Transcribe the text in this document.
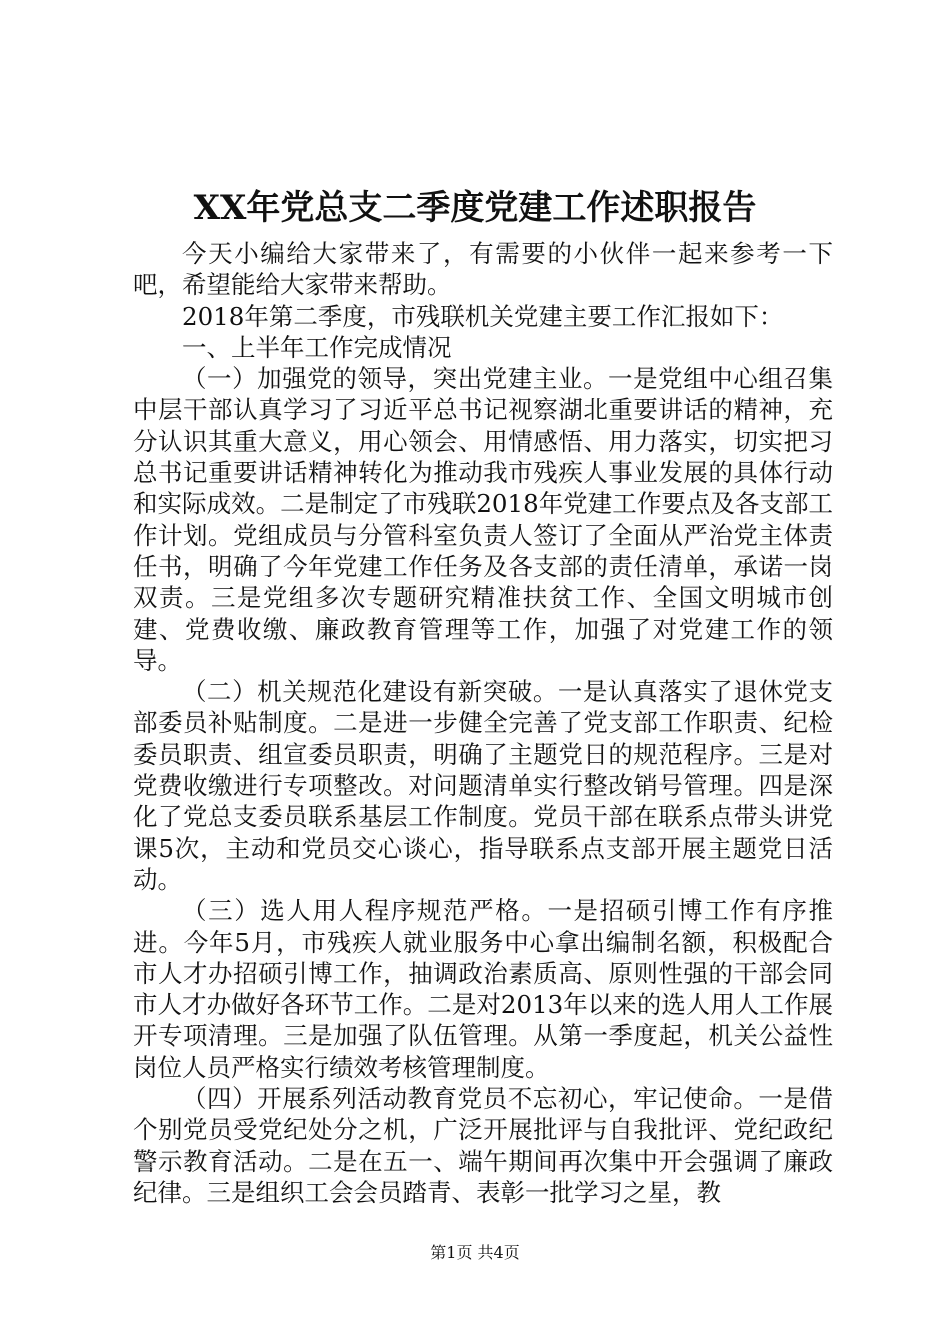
XX年党总支二季度党建工作述职报告

今天小编给大家带来了，有需要的小伙伴一起来参考一下吧，希望能给大家带来帮助。

2018年第二季度，市残联机关党建主要工作汇报如下：

一、上半年工作完成情况

（一）加强党的领导，突出党建主业。一是党组中心组召集中层干部认真学习了习近平总书记视察湖北重要讲话的精神，充分认识其重大意义，用心领会、用情感悟、用力落实，切实把习总书记重要讲话精神转化为推动我市残疾人事业发展的具体行动和实际成效。二是制定了市残联2018年党建工作要点及各支部工作计划。党组成员与分管科室负责人签订了全面从严治党主体责任书，明确了今年党建工作任务及各支部的责任清单，承诺一岗双责。三是党组多次专题研究精准扶贫工作、全国文明城市创建、党费收缴、廉政教育管理等工作，加强了对党建工作的领导。

（二）机关规范化建设有新突破。一是认真落实了退休党支部委员补贴制度。二是进一步健全完善了党支部工作职责、纪检委员职责、组宣委员职责，明确了主题党日的规范程序。三是对党费收缴进行专项整改。对问题清单实行整改销号管理。四是深化了党总支委员联系基层工作制度。党员干部在联系点带头讲党课5次，主动和党员交心谈心，指导联系点支部开展主题党日活动。

（三）选人用人程序规范严格。一是招硕引博工作有序推进。今年5月，市残疾人就业服务中心拿出编制名额，积极配合市人才办招硕引博工作，抽调政治素质高、原则性强的干部会同市人才办做好各环节工作。二是对2013年以来的选人用人工作展开专项清理。三是加强了队伍管理。从第一季度起，机关公益性岗位人员严格实行绩效考核管理制度。

（四）开展系列活动教育党员不忘初心，牢记使命。一是借个别党员受党纪处分之机，广泛开展批评与自我批评、党纪政纪警示教育活动。二是在五一、端午期间再次集中开会强调了廉政纪律。三是组织工会会员踏青、表彰一批学习之星，教

第1页 共4页
